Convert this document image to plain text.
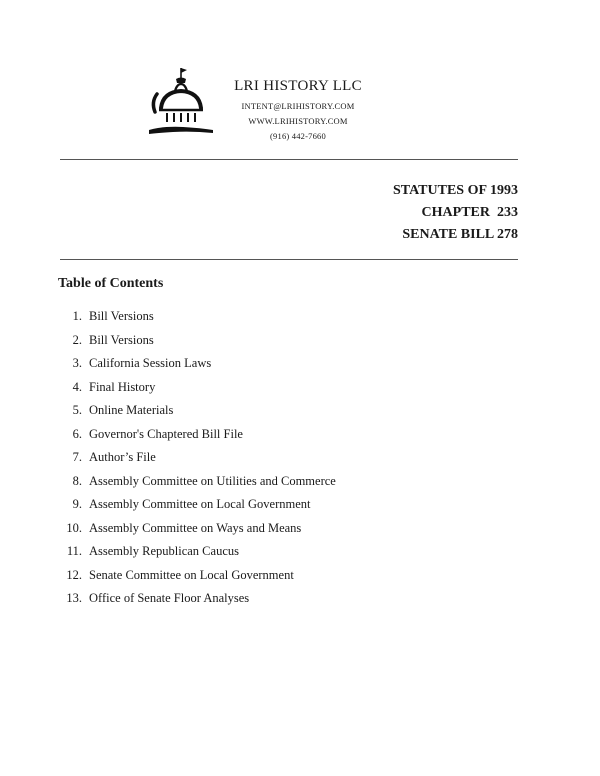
LRI HISTORY LLC
INTENT@LRIHISTORY.COM
WWW.LRIHISTORY.COM
(916) 442-7660
STATUTES OF 1993
CHAPTER  233
SENATE BILL 278
Table of Contents
1. Bill Versions
2. Bill Versions
3. California Session Laws
4. Final History
5. Online Materials
6. Governor's Chaptered Bill File
7. Author’s File
8. Assembly Committee on Utilities and Commerce
9. Assembly Committee on Local Government
10. Assembly Committee on Ways and Means
11. Assembly Republican Caucus
12. Senate Committee on Local Government
13. Office of Senate Floor Analyses
